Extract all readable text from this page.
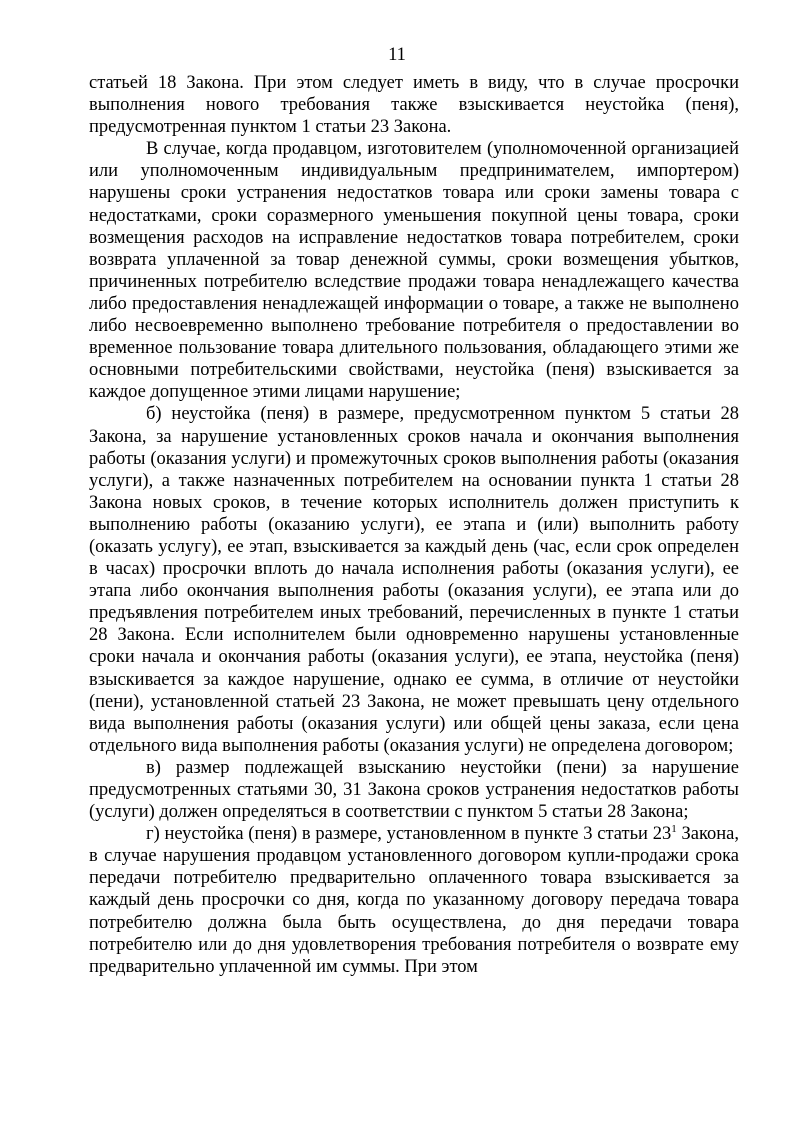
11

статьей 18 Закона. При этом следует иметь в виду, что в случае просрочки выполнения нового требования также взыскивается неустойка (пеня), предусмотренная пунктом 1 статьи 23 Закона.

В случае, когда продавцом, изготовителем (уполномоченной организацией или уполномоченным индивидуальным предпринимателем, импортером) нарушены сроки устранения недостатков товара или сроки замены товара с недостатками, сроки соразмерного уменьшения покупной цены товара, сроки возмещения расходов на исправление недостатков товара потребителем, сроки возврата уплаченной за товар денежной суммы, сроки возмещения убытков, причиненных потребителю вследствие продажи товара ненадлежащего качества либо предоставления ненадлежащей информации о товаре, а также не выполнено либо несвоевременно выполнено требование потребителя о предоставлении во временное пользование товара длительного пользования, обладающего этими же основными потребительскими свойствами, неустойка (пеня) взыскивается за каждое допущенное этими лицами нарушение;

б) неустойка (пеня) в размере, предусмотренном пунктом 5 статьи 28 Закона, за нарушение установленных сроков начала и окончания выполнения работы (оказания услуги) и промежуточных сроков выполнения работы (оказания услуги), а также назначенных потребителем на основании пункта 1 статьи 28 Закона новых сроков, в течение которых исполнитель должен приступить к выполнению работы (оказанию услуги), ее этапа и (или) выполнить работу (оказать услугу), ее этап, взыскивается за каждый день (час, если срок определен в часах) просрочки вплоть до начала исполнения работы (оказания услуги), ее этапа либо окончания выполнения работы (оказания услуги), ее этапа или до предъявления потребителем иных требований, перечисленных в пункте 1 статьи 28 Закона. Если исполнителем были одновременно нарушены установленные сроки начала и окончания работы (оказания услуги), ее этапа, неустойка (пеня) взыскивается за каждое нарушение, однако ее сумма, в отличие от неустойки (пени), установленной статьей 23 Закона, не может превышать цену отдельного вида выполнения работы (оказания услуги) или общей цены заказа, если цена отдельного вида выполнения работы (оказания услуги) не определена договором;

в) размер подлежащей взысканию неустойки (пени) за нарушение предусмотренных статьями 30, 31 Закона сроков устранения недостатков работы (услуги) должен определяться в соответствии с пунктом 5 статьи 28 Закона;

г) неустойка (пеня) в размере, установленном в пункте 3 статьи $23^1$ Закона, в случае нарушения продавцом установленного договором купли-продажи срока передачи потребителю предварительно оплаченного товара взыскивается за каждый день просрочки со дня, когда по указанному договору передача товара потребителю должна была быть осуществлена, до дня передачи товара потребителю или до дня удовлетворения требования потребителя о возврате ему предварительно уплаченной им суммы. При этом
